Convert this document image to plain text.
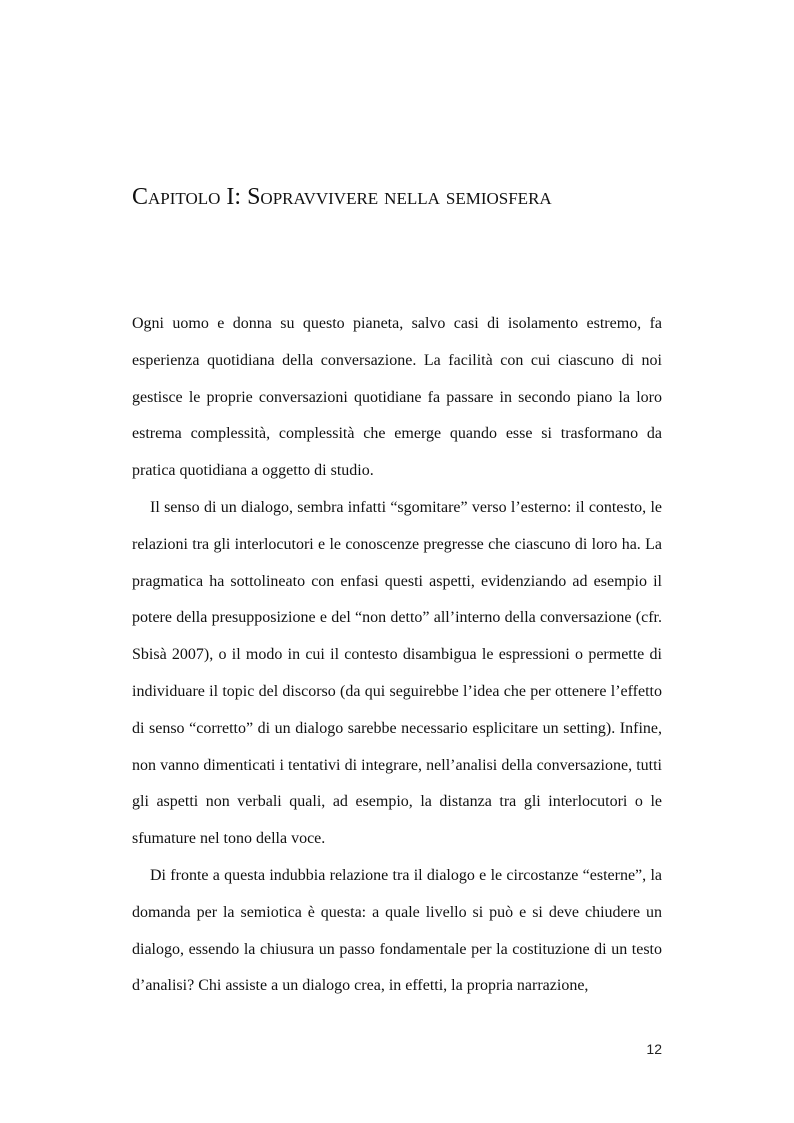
Capitolo I: Sopravvivere nella semiosfera

Ogni uomo e donna su questo pianeta, salvo casi di isolamento estremo, fa esperienza quotidiana della conversazione. La facilità con cui ciascuno di noi gestisce le proprie conversazioni quotidiane fa passare in secondo piano la loro estrema complessità, complessità che emerge quando esse si trasformano da pratica quotidiana a oggetto di studio.

Il senso di un dialogo, sembra infatti “sgomitare” verso l’esterno: il contesto, le relazioni tra gli interlocutori e le conoscenze pregresse che ciascuno di loro ha. La pragmatica ha sottolineato con enfasi questi aspetti, evidenziando ad esempio il potere della presupposizione e del “non detto” all’interno della conversazione (cfr. Sbisà 2007), o il modo in cui il contesto disambigua le espressioni o permette di individuare il topic del discorso (da qui seguirebbe l’idea che per ottenere l’effetto di senso “corretto” di un dialogo sarebbe necessario esplicitare un setting). Infine, non vanno dimenticati i tentativi di integrare, nell’analisi della conversazione, tutti gli aspetti non verbali quali, ad esempio, la distanza tra gli interlocutori o le sfumature nel tono della voce.

Di fronte a questa indubbia relazione tra il dialogo e le circostanze “esterne”, la domanda per la semiotica è questa: a quale livello si può e si deve chiudere un dialogo, essendo la chiusura un passo fondamentale per la costituzione di un testo d’analisi? Chi assiste a un dialogo crea, in effetti, la propria narrazione,

12
